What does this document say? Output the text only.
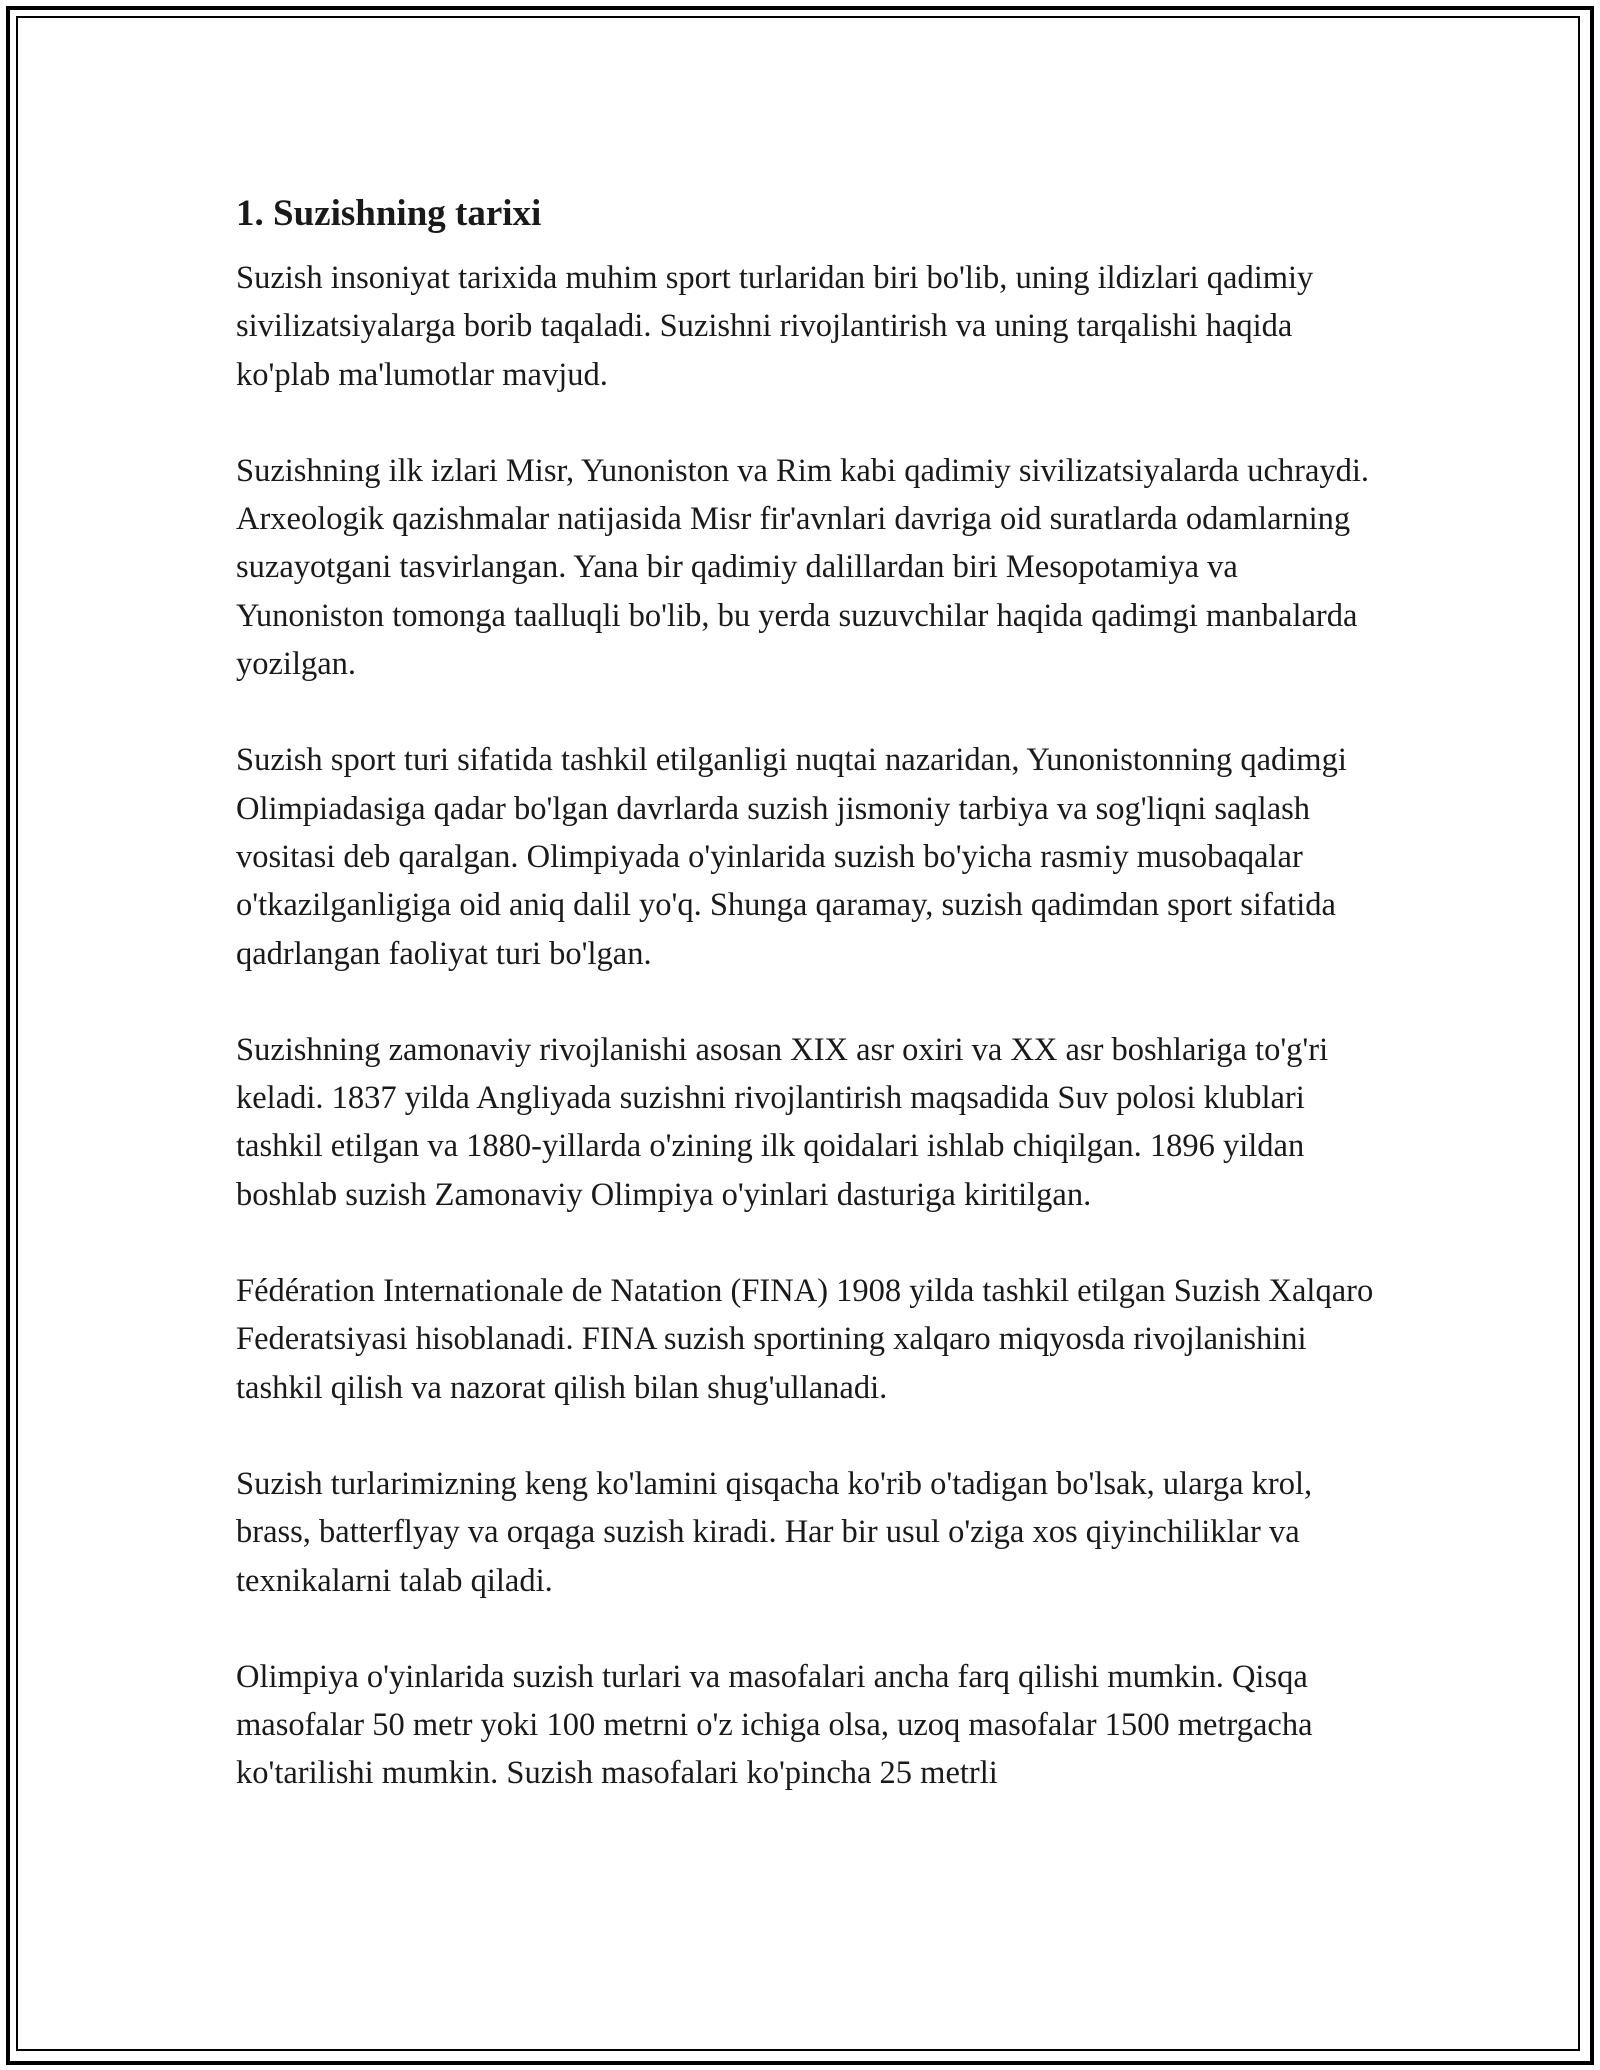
1. Suzishning tarixi

Suzish insoniyat tarixida muhim sport turlaridan biri bo'lib, uning ildizlari qadimiy sivilizatsiyalarga borib taqaladi. Suzishni rivojlantirish va uning tarqalishi haqida ko'plab ma'lumotlar mavjud.

Suzishning ilk izlari Misr, Yunoniston va Rim kabi qadimiy sivilizatsiyalarda uchraydi. Arxeologik qazishmalar natijasida Misr fir'avnlari davriga oid suratlarda odamlarning suzayotgani tasvirlangan. Yana bir qadimiy dalillardan biri Mesopotamiya va Yunoniston tomonga taalluqli bo'lib, bu yerda suzuvchilar haqida qadimgi manbalarda yozilgan.

Suzish sport turi sifatida tashkil etilganligi nuqtai nazaridan, Yunonistonning qadimgi Olimpiadasiga qadar bo'lgan davrlarda suzish jismoniy tarbiya va sog'liqni saqlash vositasi deb qaralgan. Olimpiyada o'yinlarida suzish bo'yicha rasmiy musobaqalar o'tkazilganligiga oid aniq dalil yo'q. Shunga qaramay, suzish qadimdan sport sifatida qadrlangan faoliyat turi bo'lgan.

Suzishning zamonaviy rivojlanishi asosan XIX asr oxiri va XX asr boshlariga to'g'ri keladi. 1837 yilda Angliyada suzishni rivojlantirish maqsadida Suv polosi klublari tashkil etilgan va 1880-yillarda o'zining ilk qoidalari ishlab chiqilgan. 1896 yildan boshlab suzish Zamonaviy Olimpiya o'yinlari dasturiga kiritilgan.

Fédération Internationale de Natation (FINA) 1908 yilda tashkil etilgan Suzish Xalqaro Federatsiyasi hisoblanadi. FINA suzish sportining xalqaro miqyosda rivojlanishini tashkil qilish va nazorat qilish bilan shug'ullanadi.

Suzish turlarimizning keng ko'lamini qisqacha ko'rib o'tadigan bo'lsak, ularga krol, brass, batterflyay va orqaga suzish kiradi. Har bir usul o'ziga xos qiyinchiliklar va texnikalarni talab qiladi.

Olimpiya o'yinlarida suzish turlari va masofalari ancha farq qilishi mumkin. Qisqa masofalar 50 metr yoki 100 metrni o'z ichiga olsa, uzoq masofalar 1500 metrgacha ko'tarilishi mumkin. Suzish masofalari ko'pincha 25 metrli
